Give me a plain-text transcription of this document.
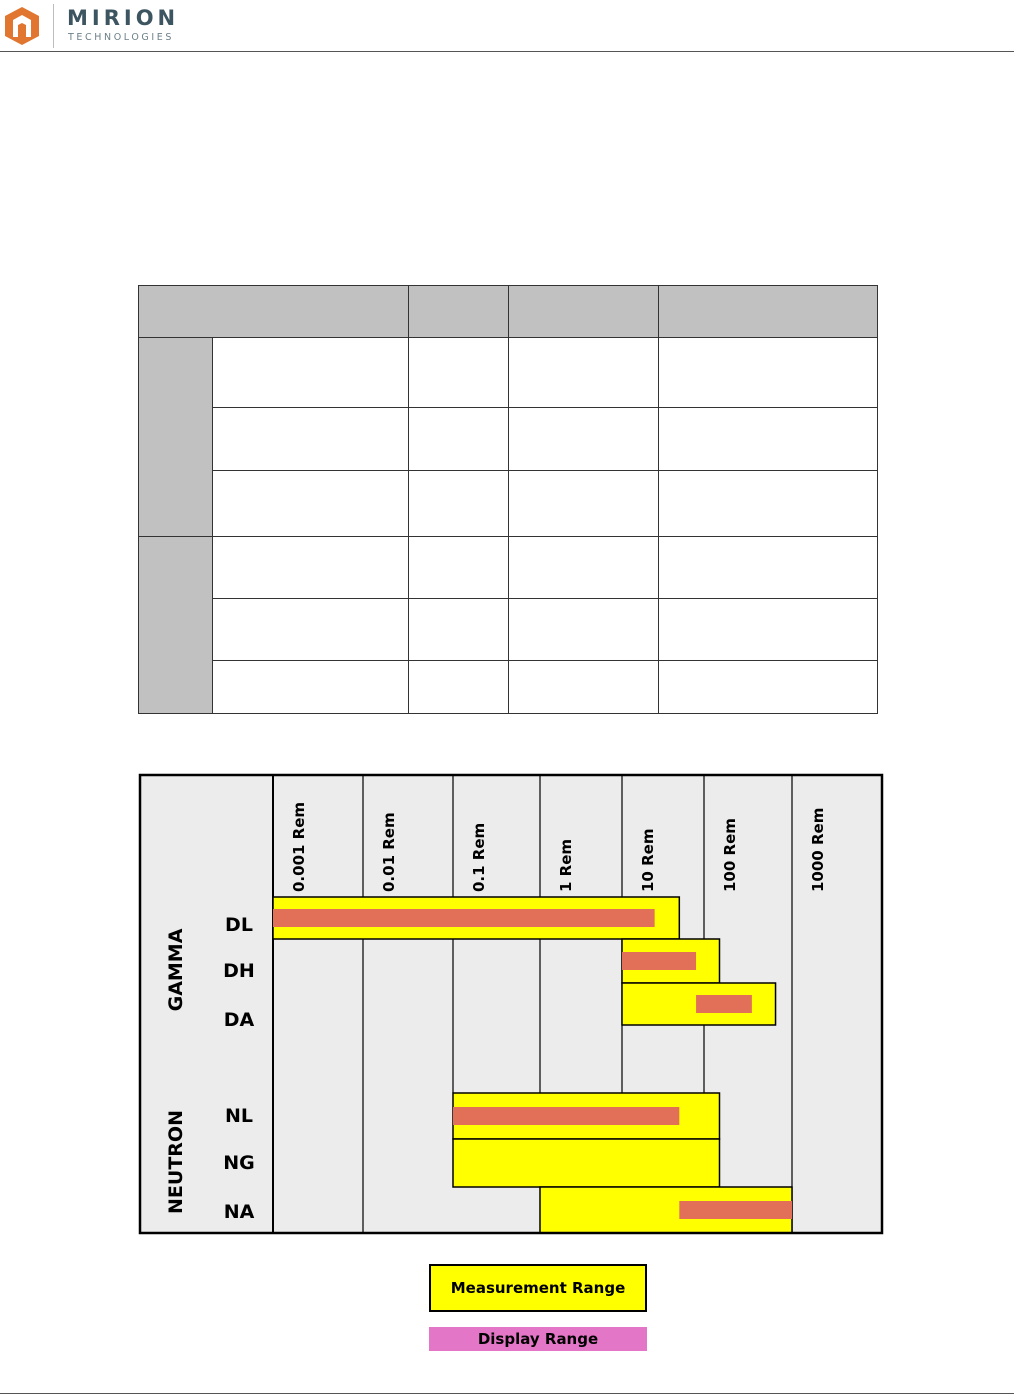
MIRION
TECHNOLOGIES

0.001 Rem	0.01 Rem	0.1 Rem	1 Rem	10 Rem	100 Rem	1000 Rem
DL
DH
DA
NL
NG
NA
GAMMA
NEUTRON
Measurement Range
Display Range
